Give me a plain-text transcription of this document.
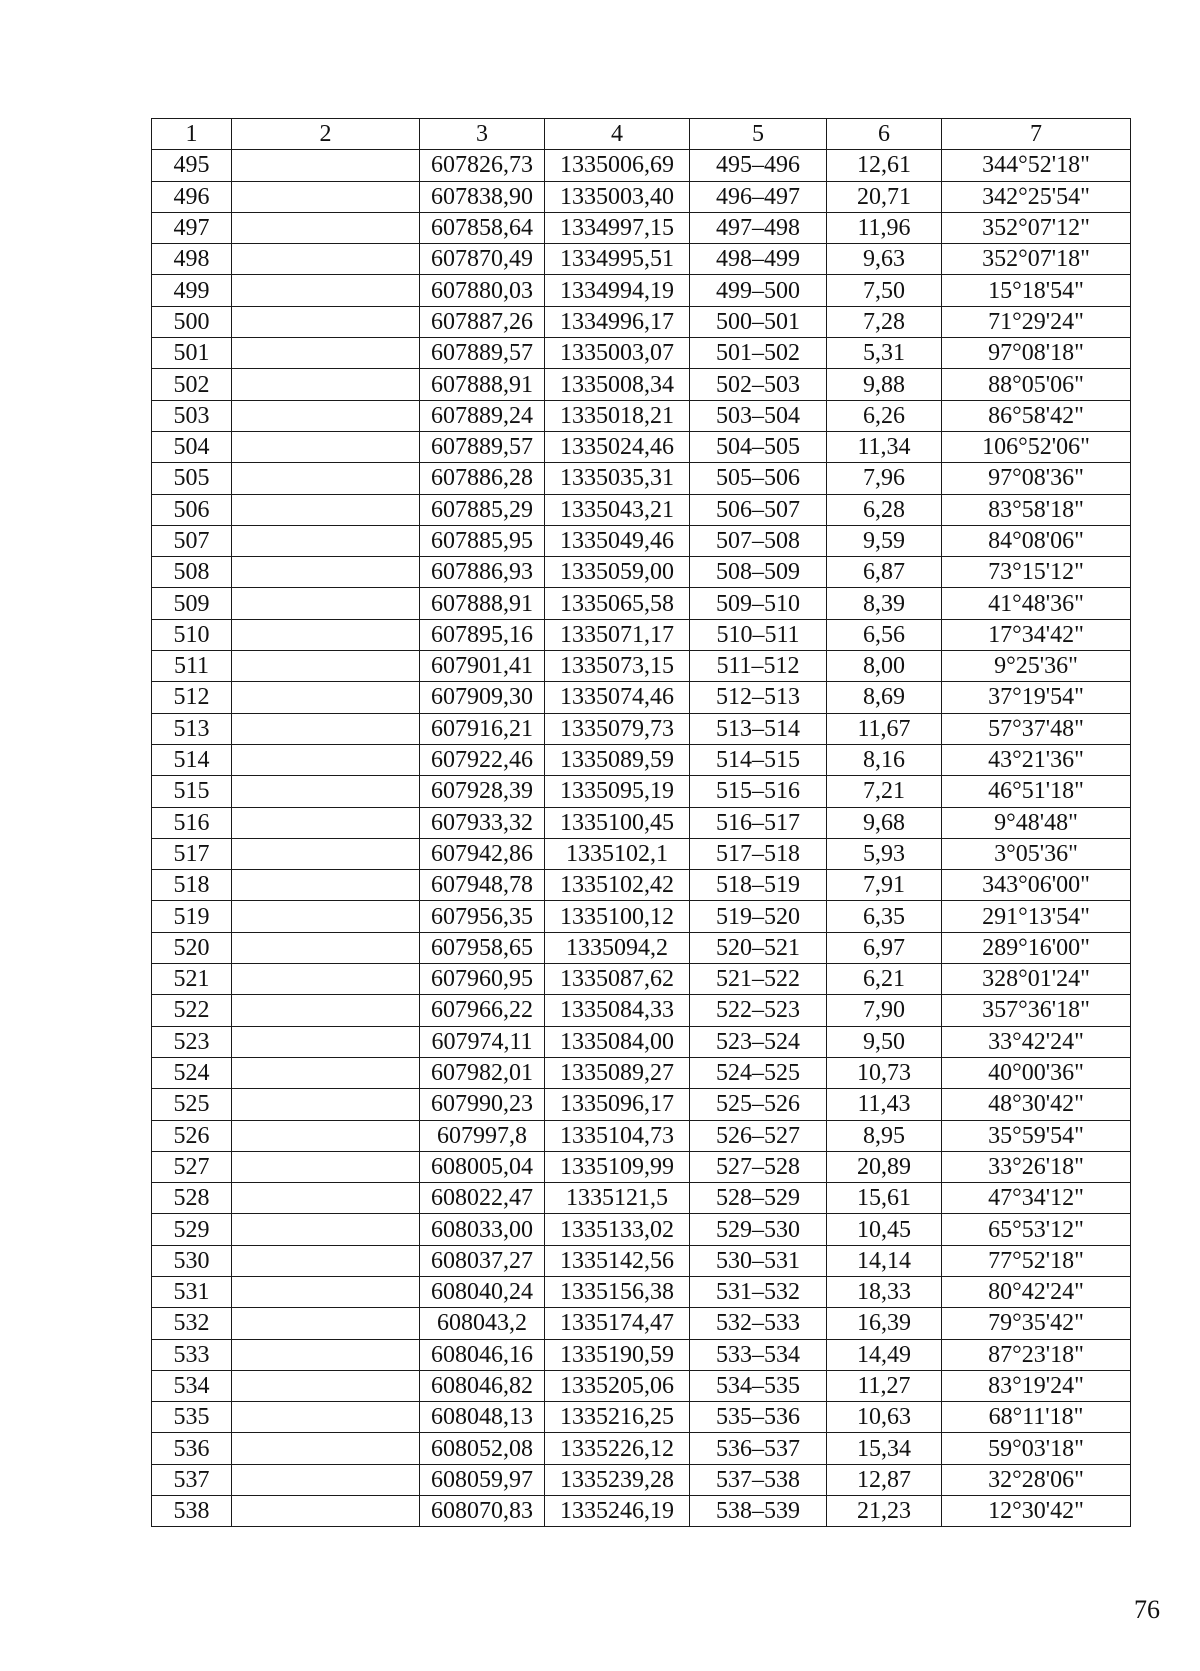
1	2	3	4	5	6	7
495		607826,73	1335006,69	495–496	12,61	344°52'18"
496		607838,90	1335003,40	496–497	20,71	342°25'54"
497		607858,64	1334997,15	497–498	11,96	352°07'12"
498		607870,49	1334995,51	498–499	9,63	352°07'18"
499		607880,03	1334994,19	499–500	7,50	15°18'54"
500		607887,26	1334996,17	500–501	7,28	71°29'24"
501		607889,57	1335003,07	501–502	5,31	97°08'18"
502		607888,91	1335008,34	502–503	9,88	88°05'06"
503		607889,24	1335018,21	503–504	6,26	86°58'42"
504		607889,57	1335024,46	504–505	11,34	106°52'06"
505		607886,28	1335035,31	505–506	7,96	97°08'36"
506		607885,29	1335043,21	506–507	6,28	83°58'18"
507		607885,95	1335049,46	507–508	9,59	84°08'06"
508		607886,93	1335059,00	508–509	6,87	73°15'12"
509		607888,91	1335065,58	509–510	8,39	41°48'36"
510		607895,16	1335071,17	510–511	6,56	17°34'42"
511		607901,41	1335073,15	511–512	8,00	9°25'36"
512		607909,30	1335074,46	512–513	8,69	37°19'54"
513		607916,21	1335079,73	513–514	11,67	57°37'48"
514		607922,46	1335089,59	514–515	8,16	43°21'36"
515		607928,39	1335095,19	515–516	7,21	46°51'18"
516		607933,32	1335100,45	516–517	9,68	9°48'48"
517		607942,86	1335102,1	517–518	5,93	3°05'36"
518		607948,78	1335102,42	518–519	7,91	343°06'00"
519		607956,35	1335100,12	519–520	6,35	291°13'54"
520		607958,65	1335094,2	520–521	6,97	289°16'00"
521		607960,95	1335087,62	521–522	6,21	328°01'24"
522		607966,22	1335084,33	522–523	7,90	357°36'18"
523		607974,11	1335084,00	523–524	9,50	33°42'24"
524		607982,01	1335089,27	524–525	10,73	40°00'36"
525		607990,23	1335096,17	525–526	11,43	48°30'42"
526		607997,8	1335104,73	526–527	8,95	35°59'54"
527		608005,04	1335109,99	527–528	20,89	33°26'18"
528		608022,47	1335121,5	528–529	15,61	47°34'12"
529		608033,00	1335133,02	529–530	10,45	65°53'12"
530		608037,27	1335142,56	530–531	14,14	77°52'18"
531		608040,24	1335156,38	531–532	18,33	80°42'24"
532		608043,2	1335174,47	532–533	16,39	79°35'42"
533		608046,16	1335190,59	533–534	14,49	87°23'18"
534		608046,82	1335205,06	534–535	11,27	83°19'24"
535		608048,13	1335216,25	535–536	10,63	68°11'18"
536		608052,08	1335226,12	536–537	15,34	59°03'18"
537		608059,97	1335239,28	537–538	12,87	32°28'06"
538		608070,83	1335246,19	538–539	21,23	12°30'42"
76
